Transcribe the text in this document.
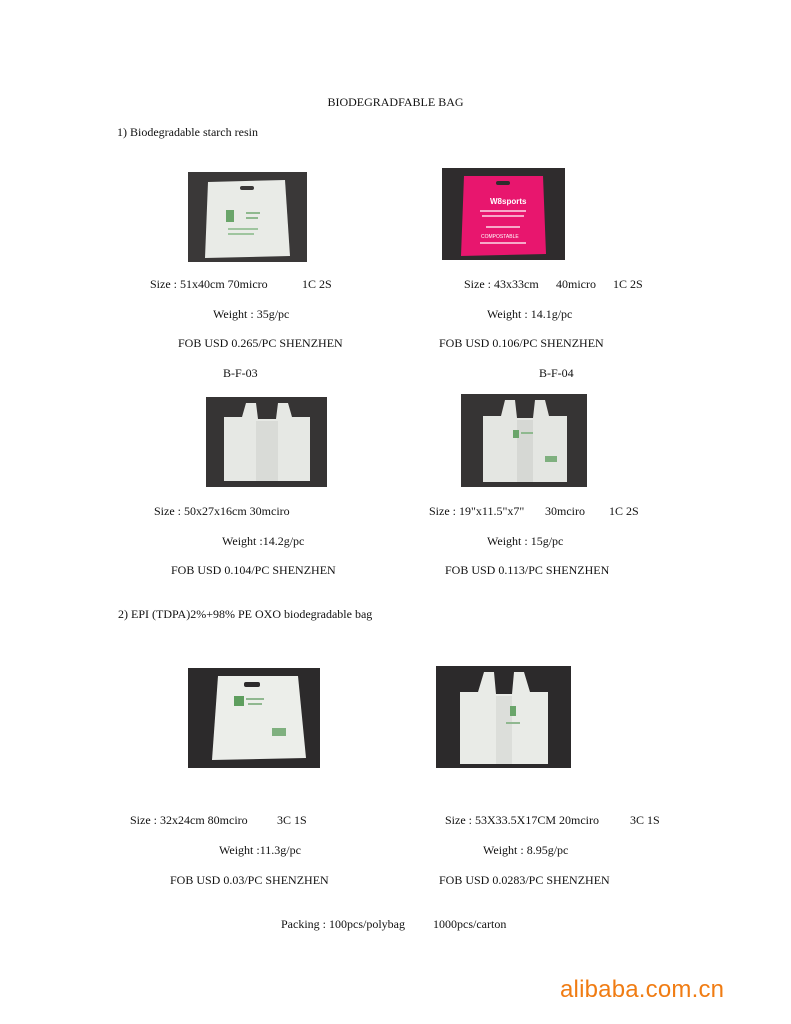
BIODEGRADFABLE BAG
1) Biodegradable starch resin
Size : 51x40cm 70micro	1C 2S
Weight : 35g/pc
FOB USD 0.265/PC SHENZHEN
B-F-03
W8sports
COMPOSTABLE
Size : 43x33cm 40micro 1C 2S
Weight : 14.1g/pc
FOB USD 0.106/PC SHENZHEN
B-F-04
Size : 50x27x16cm 30mciro
Weight :14.2g/pc
FOB USD 0.104/PC SHENZHEN
Size : 19"x11.5"x7" 30mciro 1C 2S
Weight : 15g/pc
FOB USD 0.113/PC SHENZHEN
2) EPI (TDPA)2%+98% PE OXO biodegradable bag
Size : 32x24cm 80mciro 3C 1S
Weight :11.3g/pc
FOB USD 0.03/PC SHENZHEN
Size : 53X33.5X17CM 20mciro	3C 1S
Weight : 8.95g/pc
FOB USD 0.0283/PC SHENZHEN
Packing : 100pcs/polybag 1000pcs/carton
alibaba.com.cn
